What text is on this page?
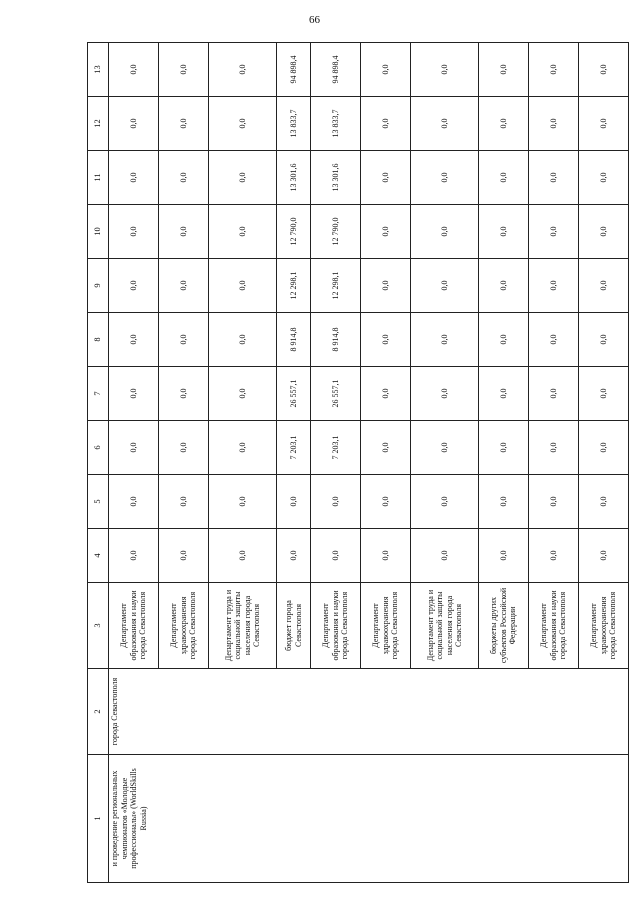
66
1	2	3	4	5	6	7	8	9	10	11	12	13
и проведение региональных чемпионатов «Молодые профессионалы» (WorldSkills Russia)	города Севастополя	Департамент образования и науки города Севастополя	0,0	0,0	0,0	0,0	0,0	0,0	0,0	0,0	0,0	0,0
		Департамент здравоохранения города Севастополя	0,0	0,0	0,0	0,0	0,0	0,0	0,0	0,0	0,0	0,0
		Департамент труда и социальной защиты населения города Севастополя	0,0	0,0	0,0	0,0	0,0	0,0	0,0	0,0	0,0	0,0
		бюджет города Севастополя	0,0	0,0	7 203,1	26 557,1	8 914,8	12 298,1	12 790,0	13 301,6	13 833,7	94 898,4
		Департамент образования и науки города Севастополя	0,0	0,0	7 203,1	26 557,1	8 914,8	12 298,1	12 790,0	13 301,6	13 833,7	94 898,4
		Департамент здравоохранения города Севастополя	0,0	0,0	0,0	0,0	0,0	0,0	0,0	0,0	0,0	0,0
		Департамент труда и социальной защиты населения города Севастополя	0,0	0,0	0,0	0,0	0,0	0,0	0,0	0,0	0,0	0,0
		бюджеты других субъектов Российской Федерации	0,0	0,0	0,0	0,0	0,0	0,0	0,0	0,0	0,0	0,0
		Департамент образования и науки города Севастополя	0,0	0,0	0,0	0,0	0,0	0,0	0,0	0,0	0,0	0,0
		Департамент здравоохранения города Севастополя	0,0	0,0	0,0	0,0	0,0	0,0	0,0	0,0	0,0	0,0
